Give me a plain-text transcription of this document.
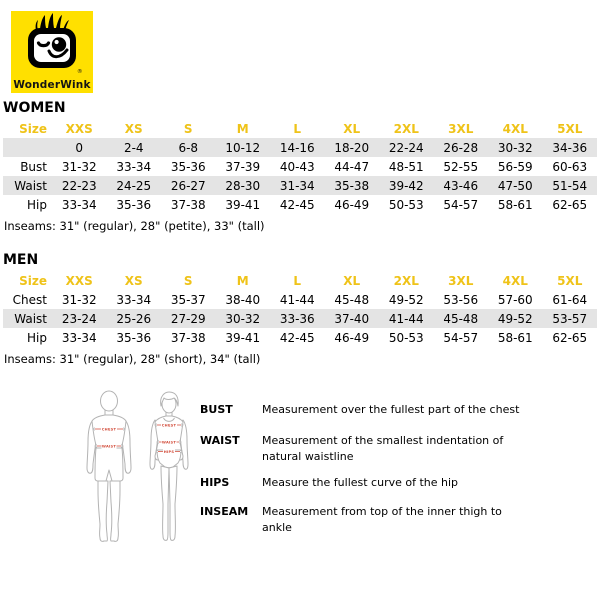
®
WonderWink
WOMEN
Size	XXS	XS	S	M	L	XL	2XL	3XL	4XL	5XL
	0	2-4	6-8	10-12	14-16	18-20	22-24	26-28	30-32	34-36
Bust	31-32	33-34	35-36	37-39	40-43	44-47	48-51	52-55	56-59	60-63
Waist	22-23	24-25	26-27	28-30	31-34	35-38	39-42	43-46	47-50	51-54
Hip	33-34	35-36	37-38	39-41	42-45	46-49	50-53	54-57	58-61	62-65
Inseams: 31" (regular), 28" (petite), 33" (tall)
MEN
Size	XXS	XS	S	M	L	XL	2XL	3XL	4XL	5XL
Chest	31-32	33-34	35-37	38-40	41-44	45-48	49-52	53-56	57-60	61-64
Waist	23-24	25-26	27-29	30-32	33-36	37-40	41-44	45-48	49-52	53-57
Hip	33-34	35-36	37-38	39-41	42-45	46-49	50-53	54-57	58-61	62-65
Inseams: 31" (regular), 28" (short), 34" (tall)
CHEST
WAIST
CHEST
WAIST
HIPS
BUST	Measurement over the fullest part of the chest
WAIST	Measurement of the smallest indentation of natural waistline
HIPS	Measure the fullest curve of the hip
INSEAM	Measurement from top of the inner thigh to ankle
